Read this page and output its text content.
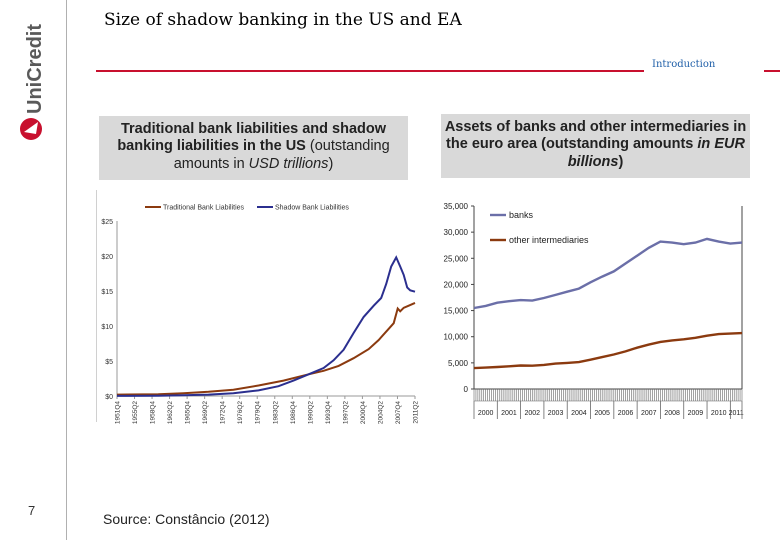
UniCredit
Size of shadow banking in the US and EA
Introduction
Traditional bank liabilities and shadow banking liabilities in the US (outstanding amounts in USD trillions)
Assets of banks and other intermediaries in the euro area (outstanding amounts in EUR billions)
$0
$5
$10
$15
$20
$25
1951Q4 1955Q2 1958Q4 1962Q2 1965Q4 1969Q2 1972Q4 1976Q2 1979Q4 1983Q2 1986Q4 1990Q2 1993Q4 1997Q2 2000Q4 2004Q2 2007Q4 2011Q2
Traditional Bank Liabilities	Shadow Bank Liabilities
0
5,000
10,000
15,000
20,000
25,000
30,000
35,000
2000 2001 2002 2003 2004 2005 2006 2007 2008 2009 2010 2011
banks
other intermediaries
7
Source: Constâncio (2012)
